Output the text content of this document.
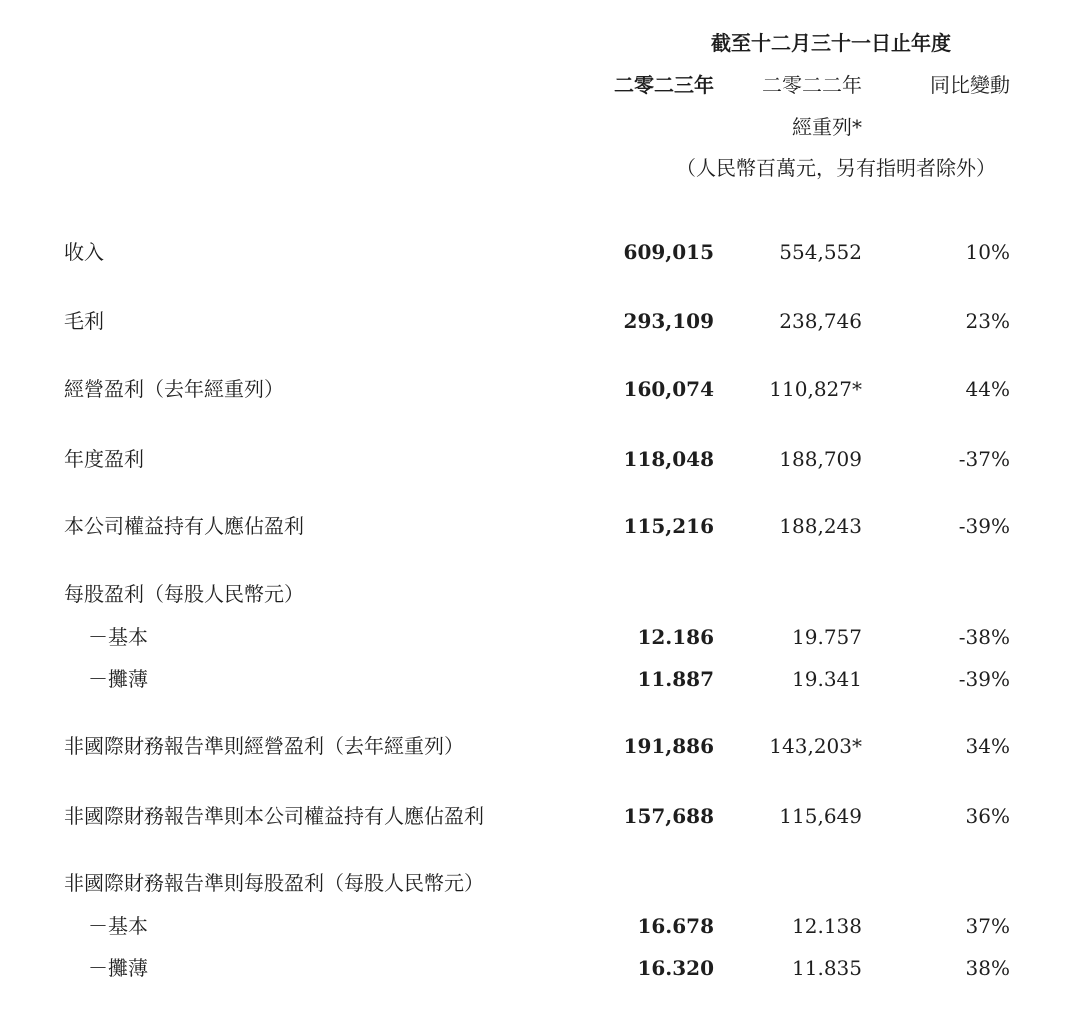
截至十二月三十一日止年度
二零二三年 二零二二年	同比變動
經重列*
（人民幣百萬元，另有指明者除外）
收入	609,015	554,552	10%
毛利	293,109	238,746	23%
經營盈利（去年經重列）	160,074	110,827*	44%
年度盈利	118,048	188,709	-37%
本公司權益持有人應佔盈利	115,216	188,243	-39%
每股盈利（每股人民幣元）
－基本	12.186	19.757	-38%
－攤薄	11.887	19.341	-39%
非國際財務報告準則經營盈利（去年經重列）	191,886	143,203*	34%
非國際財務報告準則本公司權益持有人應佔盈利	157,688	115,649	36%
非國際財務報告準則每股盈利（每股人民幣元）
－基本	16.678	12.138	37%
－攤薄	16.320	11.835	38%
